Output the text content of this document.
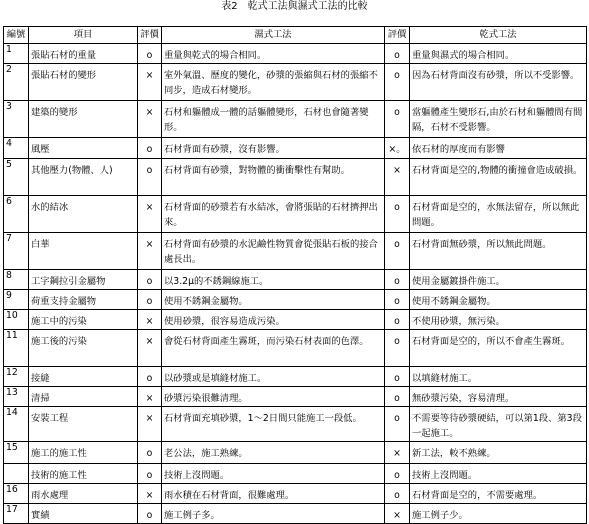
表2　乾式工法與濕式工法的比較
編號	項目	評價	濕式工法	評價	乾式工法
1	張貼石材的重量	o	重量與乾式的場合相同。	o	重量與濕式的場合相同。

2	張貼石材的變形	×	室外氣溫、歷度的變化，砂漿的張縮與石材的張縮不同步，造成石材變形。	o	因為石材背面沒有砂漿，所以不受影響。

3	建築的變形	×	石材和軀體成一體的話軀體變形，石材也會隨著變形。	o	當軀體產生變形石,由於石材和軀體間有間隔，石材不受影響。

4	風壓	o	石材背面有砂漿，沒有影響。	×。	依石材的厚度而有影響

5	其他壓力(物體、人)	o	石材背面有砂漿，對物體的衝衝擊性有幫助。	×	石材背面是空的,物體的衝撞會造成破損。

6	水的結冰	×	石材背面的砂漿若有水結冰，會將張貼的石材擠押出來。	o	石材背面是空的，水無法留存，所以無此問題。

7	白華	×	石材背面有砂漿的水泥鹼性物質會從張貼石板的接合處長出。	o	石材背面無砂漿，所以無此問題。

8	工字鋼拉引金屬物	o	以3.2μ的不銹鋼線施工。	o	使用金屬鍍掛件施工。

9	荷重支持金屬物	o	使用不銹鋼金屬物。	o	使用不銹鋼金屬物。

10	施工中的污染	×	使用砂漿，很容易造成污染。	o	不使用砂漿，無污染。

11	施工後的污染	×	會從石材背面產生霧斑，而污染石材表面的色澤。	o	石材背面是空的，所以不會產生霧斑。

12	接縫	o	以砂漿或是填縫材施工。	o	以填縫材施工。

13	清掃	×	砂漿污染很難清理。	o	無砂漿污染，容易清理。

14	安裝工程	×	石材背面充填砂漿，1～2日間只能施工一段低。	o	不需要等待砂漿硬結，可以第1段、第3段一起施工。

15	施工的施工性	o	老公法，施工熟練。	×	新工法，較不熟練。

	技術的施工性	o	技術上沒問題。	o	技術上沒問題。

16	雨水處理	×	雨水積在石材背面，很難處理。	o	石材背面是空的，不需要處理。

17	實績	o	施工例子多。	×	施工例子少。
